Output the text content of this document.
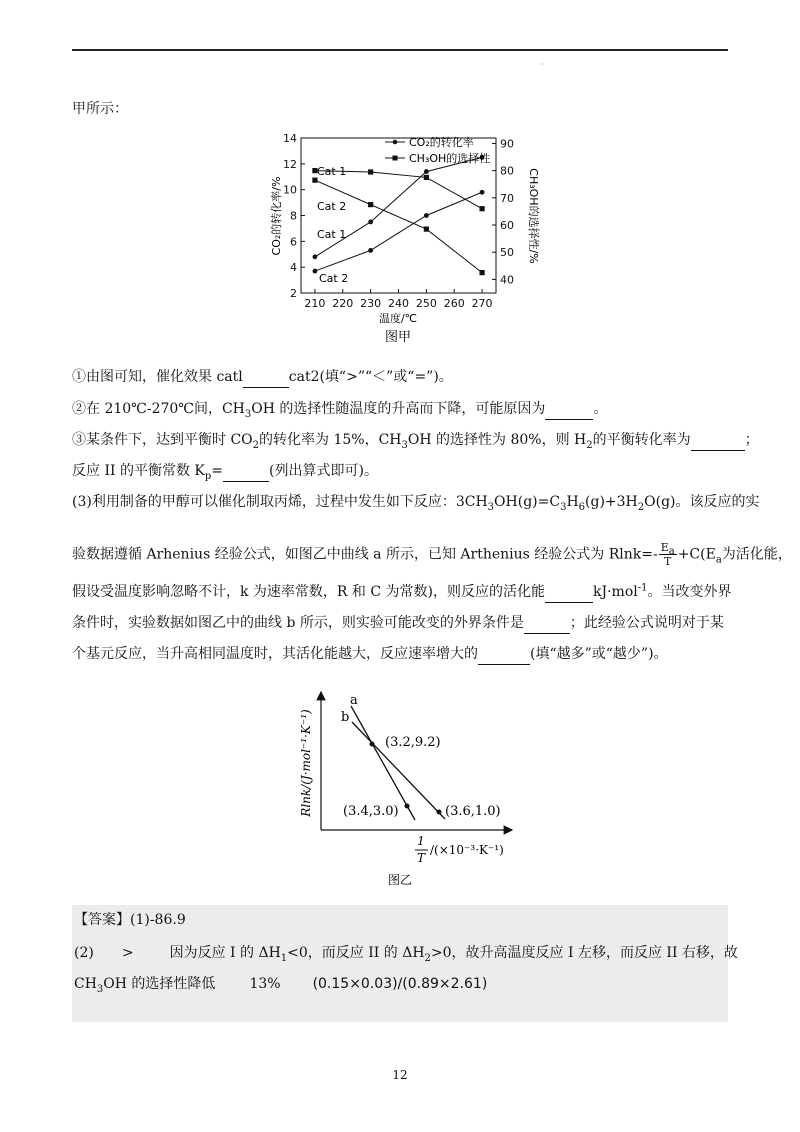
·
甲所示：
210 220 230 240 250 260 270
2
4
6
8
10
12
14
40
50
60
70
80
90
CO₂的转化率
CH₃OH的选择性
Cat 1
Cat 2
Cat 1
Cat 2
CO₂的转化率/%	CH₃OH的选择性/%
温度/℃
图甲
①由图可知，催化效果 catl	cat2(填“>”“＜”或“=”)。
②在 210℃-270℃间，$CH_3OH$ 的选择性随温度的升高而下降，可能原因为	。
③某条件下，达到平衡时 $CO_2$的转化率为 15%，$CH_3OH$ 的选择性为 80%，则 $H_2$的平衡转化率为	；
反应 II 的平衡常数 $K_p=$	(列出算式即可)。
(3)利用制备的甲醇可以催化制取丙烯，过程中发生如下反应：$3CH_3OH(g)=C_3H_6(g)+3H_2O(g)$。该反应的实
验数据遵循 Arhenius 经验公式，如图乙中曲线 a 所示，已知 Arthenius 经验公式为 $Rlnk=- \frac{E_a}{T} +C(E_a$为活化能，
假设受温度影响忽略不计，k 为速率常数，R 和 C 为常数)，则反应的活化能	kJ·mol$^{-1}$。当改变外界
条件时，实验数据如图乙中的曲线 b 所示，则实验可能改变的外界条件是	；此经验公式说明对于某
个基元反应，当升高相同温度时，其活化能越大，反应速率增大的	(填“越多”或“越少”)。
a
b
(3.2,9.2)
(3.4,3.0)	(3.6,1.0)
Rlnk/(J·mol⁻¹·K⁻¹)
1
T
/(×10⁻³·K⁻¹)
图乙
【答案】(1)-86.9
(2) >	因为反应 I 的 $\Delta H_1<0$，而反应 II 的 $\Delta H_2>0$，故升高温度反应 I 左移，而反应 II 右移，故
$CH_3OH$ 的选择性降低 13% (0.15×0.03)/(0.89×2.61)
12
